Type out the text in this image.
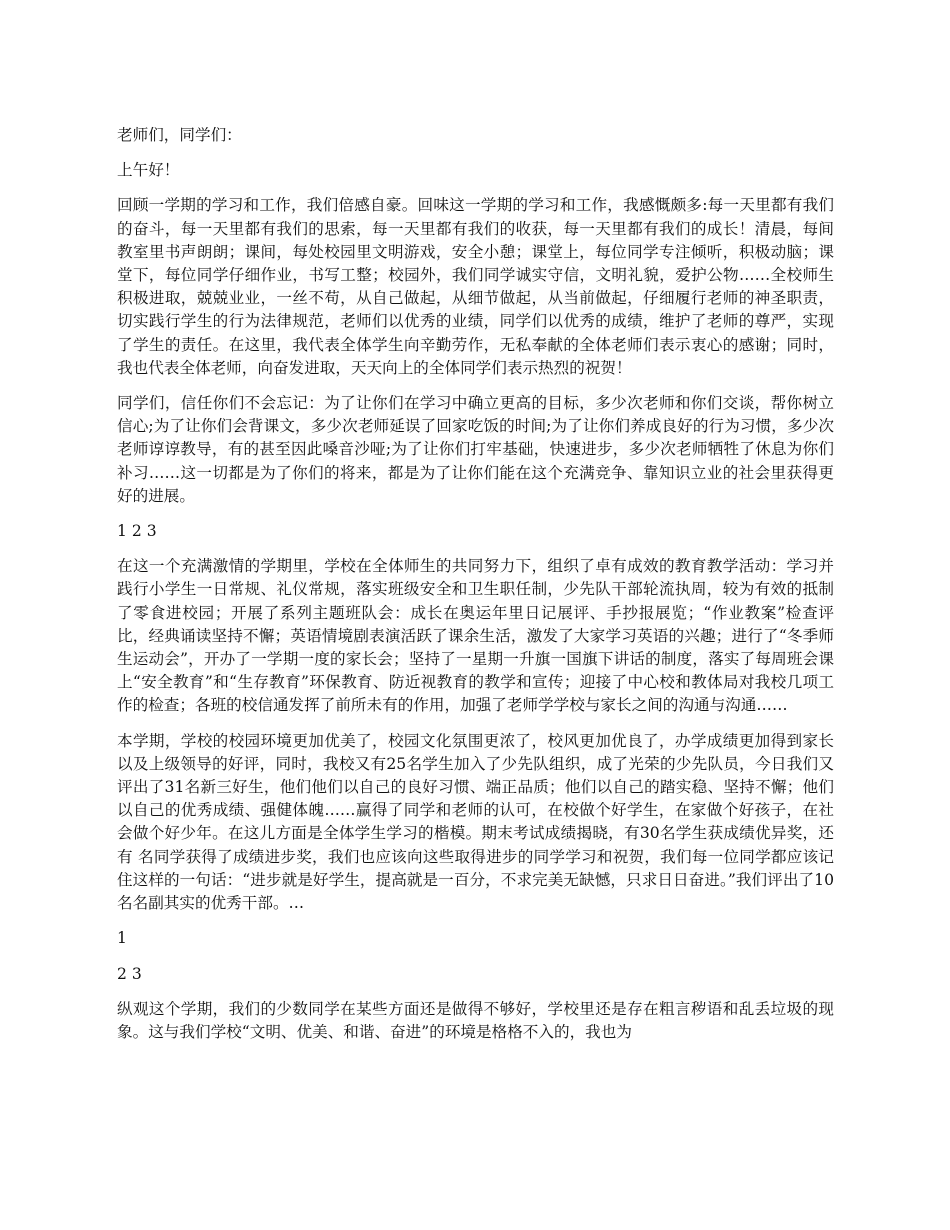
老师们，同学们：

上午好！

回顾一学期的学习和工作，我们倍感自豪。回味这一学期的学习和工作，我感慨颇多:每一天里都有我们的奋斗，每一天里都有我们的思索，每一天里都有我们的收获，每一天里都有我们的成长！清晨，每间教室里书声朗朗；课间，每处校园里文明游戏，安全小憩；课堂上，每位同学专注倾听，积极动脑；课堂下，每位同学仔细作业，书写工整；校园外，我们同学诚实守信，文明礼貌，爱护公物……全校师生积极进取，兢兢业业，一丝不苟，从自己做起，从细节做起，从当前做起，仔细履行老师的神圣职责，切实践行学生的行为法律规范，老师们以优秀的业绩，同学们以优秀的成绩，维护了老师的尊严，实现了学生的责任。在这里，我代表全体学生向辛勤劳作，无私奉献的全体老师们表示衷心的感谢；同时，我也代表全体老师，向奋发进取，天天向上的全体同学们表示热烈的祝贺！

同学们，信任你们不会忘记：为了让你们在学习中确立更高的目标，多少次老师和你们交谈，帮你树立信心;为了让你们会背课文，多少次老师延误了回家吃饭的时间;为了让你们养成良好的行为习惯，多少次老师谆谆教导，有的甚至因此嗓音沙哑;为了让你们打牢基础，快速进步，多少次老师牺牲了休息为你们补习……这一切都是为了你们的将来，都是为了让你们能在这个充满竞争、靠知识立业的社会里获得更好的进展。

1 2 3

在这一个充满激情的学期里，学校在全体师生的共同努力下，组织了卓有成效的教育教学活动：学习并践行小学生一日常规、礼仪常规，落实班级安全和卫生职任制，少先队干部轮流执周，较为有效的抵制了零食进校园；开展了系列主题班队会：成长在奥运年里日记展评、手抄报展览；“作业教案”检查评比，经典诵读坚持不懈；英语情境剧表演活跃了课余生活，激发了大家学习英语的兴趣；进行了“冬季师生运动会”，开办了一学期一度的家长会；坚持了一星期一升旗一国旗下讲话的制度，落实了每周班会课上“安全教育”和“生存教育”环保教育、防近视教育的教学和宣传；迎接了中心校和教体局对我校几项工作的检查；各班的校信通发挥了前所未有的作用，加强了老师学学校与家长之间的沟通与沟通……

本学期，学校的校园环境更加优美了，校园文化氛围更浓了，校风更加优良了，办学成绩更加得到家长以及上级领导的好评，同时，我校又有25名学生加入了少先队组织，成了光荣的少先队员，今日我们又评出了31名新三好生，他们他们以自己的良好习惯、端正品质；他们以自己的踏实稳、坚持不懈；他们以自己的优秀成绩、强健体魄……赢得了同学和老师的认可，在校做个好学生，在家做个好孩子，在社会做个好少年。在这儿方面是全体学生学习的楷模。期末考试成绩揭晓，有30名学生获成绩优异奖，还有 名同学获得了成绩进步奖，我们也应该向这些取得进步的同学学习和祝贺，我们每一位同学都应该记住这样的一句话：“进步就是好学生，提高就是一百分，不求完美无缺憾，只求日日奋进。”我们评出了10名名副其实的优秀干部。…

1

2 3

纵观这个学期，我们的少数同学在某些方面还是做得不够好，学校里还是存在粗言秽语和乱丢垃圾的现象。这与我们学校“文明、优美、和谐、奋进”的环境是格格不入的，我也为
